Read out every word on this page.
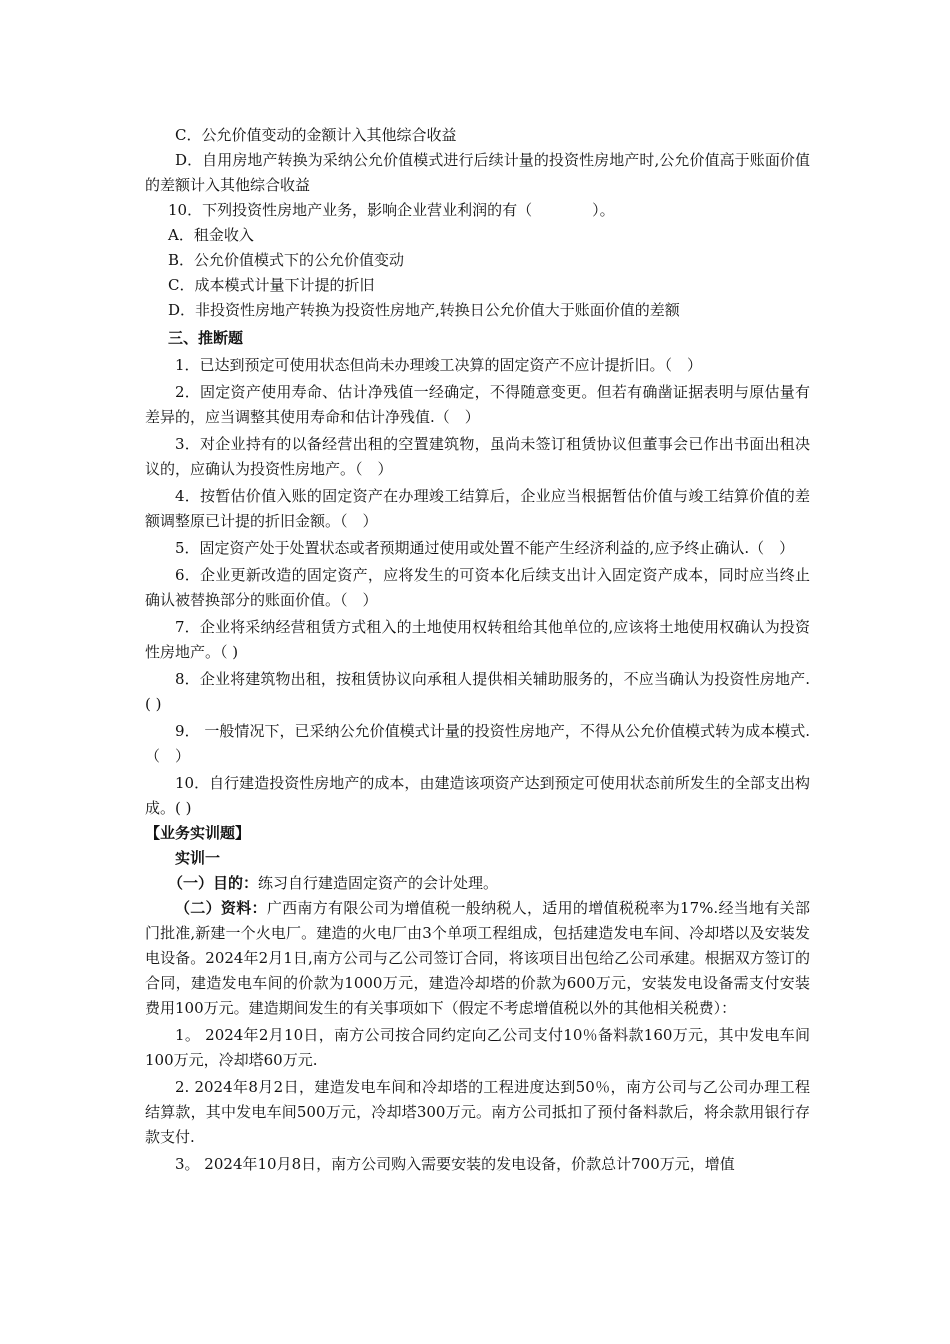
C．公允价值变动的金额计入其他综合收益

D．自用房地产转换为采纳公允价值模式进行后续计量的投资性房地产时,公允价值高于账面价值的差额计入其他综合收益

10．下列投资性房地产业务，影响企业营业利润的有（　　　　）。

A．租金收入

B．公允价值模式下的公允价值变动

C．成本模式计量下计提的折旧

D．非投资性房地产转换为投资性房地产,转换日公允价值大于账面价值的差额

三、推断题

1．已达到预定可使用状态但尚未办理竣工决算的固定资产不应计提折旧。（　）

2．固定资产使用寿命、估计净残值一经确定，不得随意变更。但若有确凿证据表明与原估量有差异的，应当调整其使用寿命和估计净残值.（　）

3．对企业持有的以备经营出租的空置建筑物，虽尚未签订租赁协议但董事会已作出书面出租决议的，应确认为投资性房地产。（　）

4．按暂估价值入账的固定资产在办理竣工结算后，企业应当根据暂估价值与竣工结算价值的差额调整原已计提的折旧金额。（　）

5．固定资产处于处置状态或者预期通过使用或处置不能产生经济利益的,应予终止确认.（　）

6．企业更新改造的固定资产，应将发生的可资本化后续支出计入固定资产成本，同时应当终止确认被替换部分的账面价值。（　）

7．企业将采纳经营租赁方式租入的土地使用权转租给其他单位的,应该将土地使用权确认为投资性房地产。（ )

8．企业将建筑物出租，按租赁协议向承租人提供相关辅助服务的，不应当确认为投资性房地产.( )

9． 一般情况下，已采纳公允价值模式计量的投资性房地产，不得从公允价值模式转为成本模式.（　）

10．自行建造投资性房地产的成本，由建造该项资产达到预定可使用状态前所发生的全部支出构成。( )

【业务实训题】

实训一

（一）目的：练习自行建造固定资产的会计处理。

（二）资料：广西南方有限公司为增值税一般纳税人，适用的增值税税率为17%.经当地有关部门批准,新建一个火电厂。建造的火电厂由3个单项工程组成，包括建造发电车间、冷却塔以及安装发电设备。2024年2月1日,南方公司与乙公司签订合同，将该项目出包给乙公司承建。根据双方签订的合同，建造发电车间的价款为1000万元，建造冷却塔的价款为600万元，安装发电设备需支付安装费用100万元。建造期间发生的有关事项如下（假定不考虑增值税以外的其他相关税费）：

1。 2024年2月10日，南方公司按合同约定向乙公司支付10％备料款160万元，其中发电车间100万元，冷却塔60万元.

2. 2024年8月2日，建造发电车间和冷却塔的工程进度达到50％，南方公司与乙公司办理工程结算款，其中发电车间500万元，冷却塔300万元。南方公司抵扣了预付备料款后，将余款用银行存款支付.

3。 2024年10月8日，南方公司购入需要安装的发电设备，价款总计700万元，增值
